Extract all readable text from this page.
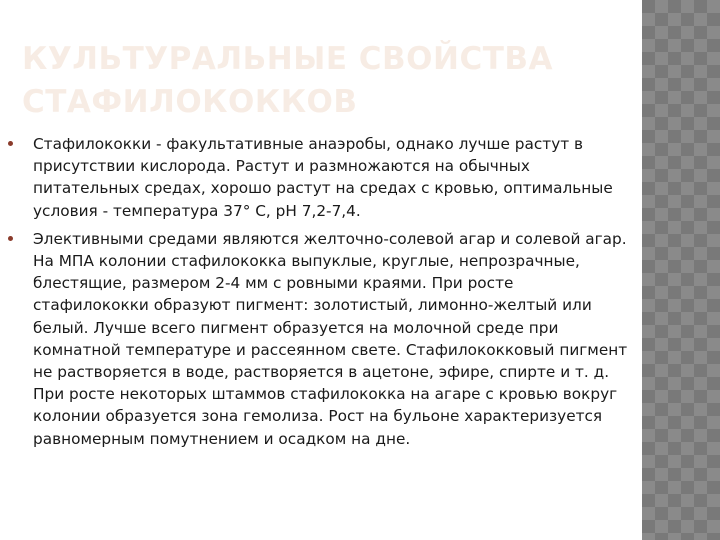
КУЛЬТУРАЛЬНЫЕ СВОЙСТВА СТАФИЛОКОККОВ
Стафилококки - факультативные анаэробы, однако лучше растут в присутствии кислорода. Растут и размножаются на обычных питательных средах, хорошо растут на средах с кровью, оптимальные условия - температура 37° С, рН 7,2-7,4.
Элективными средами являются желточно-солевой агар и солевой агар. На МПА колонии стафилококка выпуклые, круглые, непрозрачные, блестящие, размером 2-4 мм с ровными краями. При росте стафилококки образуют пигмент: золотистый, лимонно-желтый или белый. Лучше всего пигмент образуется на молочной среде при комнатной температуре и рассеянном свете. Стафилококковый пигмент не растворяется в воде, растворяется в ацетоне, эфире, спирте и т. д. При росте некоторых штаммов стафилококка на агаре с кровью вокруг колонии образуется зона гемолиза. Рост на бульоне характеризуется равномерным помутнением и осадком на дне.
